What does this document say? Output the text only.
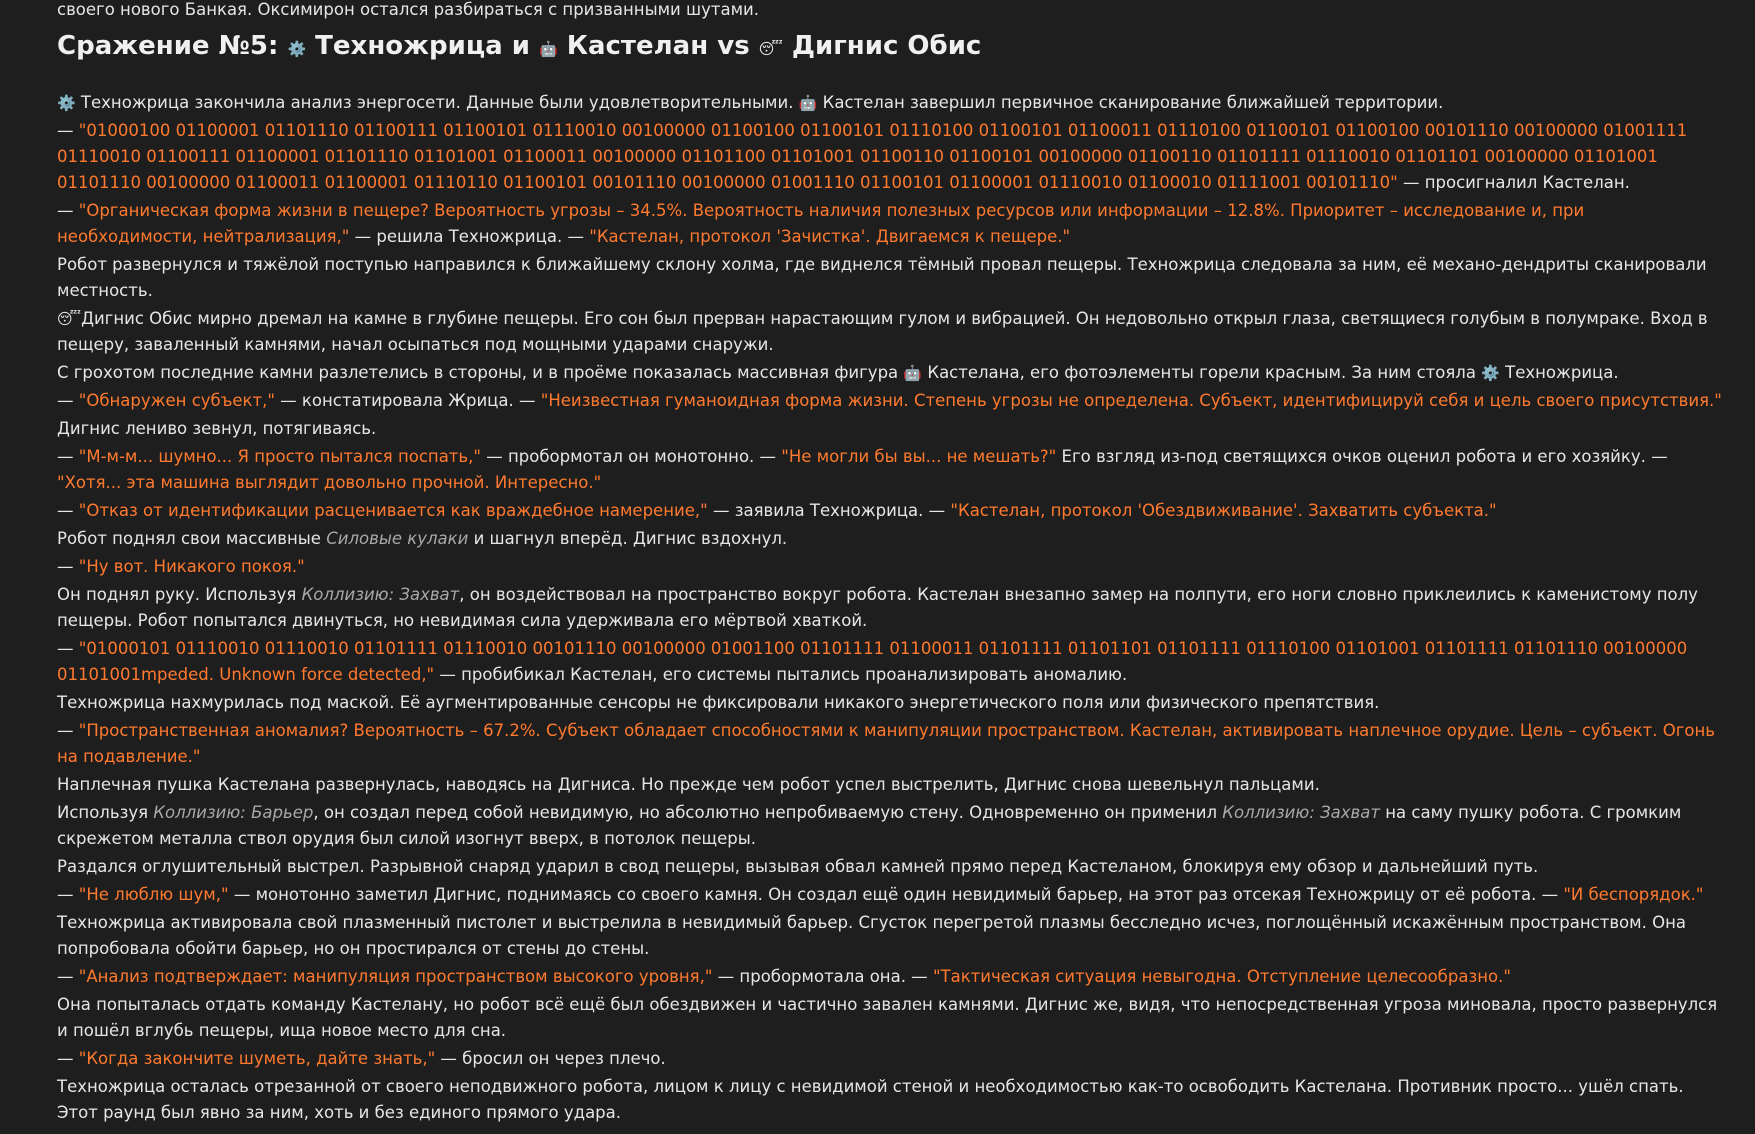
своего нового Банкая. Оксимирон остался разбираться с призванными шутами.
Сражение №5: ⚙️ Техножрица и 🤖 Кастелан vs 😴 Дигнис Обис
⚙️ Техножрица закончила анализ энергосети. Данные были удовлетворительными. 🤖 Кастелан завершил первичное сканирование ближайшей территории.
— "01000100 01100001 01101110 01100111 01100101 01110010 00100000 01100100 01100101 01110100 01100101 01100011 01110100 01100101 01100100 00101110 00100000 01001111 01110010 01100111 01100001 01101110 01101001 01100011 00100000 01101100 01101001 01100110 01100101 00100000 01100110 01101111 01110010 01101101 00100000 01101001 01101110 00100000 01100011 01100001 01110110 01100101 00101110 00100000 01001110 01100101 01100001 01110010 01100010 01111001 00101110" — просигналил Кастелан.
— "Органическая форма жизни в пещере? Вероятность угрозы – 34.5%. Вероятность наличия полезных ресурсов или информации – 12.8%. Приоритет – исследование и, при необходимости, нейтрализация," — решила Техножрица. — "Кастелан, протокол 'Зачистка'. Двигаемся к пещере."
Робот развернулся и тяжёлой поступью направился к ближайшему склону холма, где виднелся тёмный провал пещеры. Техножрица следовала за ним, её механо-дендриты сканировали местность.
😴Дигнис Обис мирно дремал на камне в глубине пещеры. Его сон был прерван нарастающим гулом и вибрацией. Он недовольно открыл глаза, светящиеся голубым в полумраке. Вход в пещеру, заваленный камнями, начал осыпаться под мощными ударами снаружи.
С грохотом последние камни разлетелись в стороны, и в проёме показалась массивная фигура 🤖 Кастелана, его фотоэлементы горели красным. За ним стояла ⚙️ Техножрица.
— "Обнаружен субъект," — констатировала Жрица. — "Неизвестная гуманоидная форма жизни. Степень угрозы не определена. Субъект, идентифицируй себя и цель своего присутствия."
Дигнис лениво зевнул, потягиваясь.
— "М-м-м... шумно... Я просто пытался поспать," — пробормотал он монотонно. — "Не могли бы вы... не мешать?" Его взгляд из-под светящихся очков оценил робота и его хозяйку. — "Хотя... эта машина выглядит довольно прочной. Интересно."
— "Отказ от идентификации расценивается как враждебное намерение," — заявила Техножрица. — "Кастелан, протокол 'Обездвиживание'. Захватить субъекта."
Робот поднял свои массивные Силовые кулаки и шагнул вперёд. Дигнис вздохнул.
— "Ну вот. Никакого покоя."
Он поднял руку. Используя Коллизию: Захват, он воздействовал на пространство вокруг робота. Кастелан внезапно замер на полпути, его ноги словно приклеились к каменистому полу пещеры. Робот попытался двинуться, но невидимая сила удерживала его мёртвой хваткой.
— "01000101 01110010 01110010 01101111 01110010 00101110 00100000 01001100 01101111 01100011 01101111 01101101 01101111 01110100 01101001 01101111 01101110 00100000 01101001mpeded. Unknown force detected," — пробибикал Кастелан, его системы пытались проанализировать аномалию.
Техножрица нахмурилась под маской. Её аугментированные сенсоры не фиксировали никакого энергетического поля или физического препятствия.
— "Пространственная аномалия? Вероятность – 67.2%. Субъект обладает способностями к манипуляции пространством. Кастелан, активировать наплечное орудие. Цель – субъект. Огонь на подавление."
Наплечная пушка Кастелана развернулась, наводясь на Дигниса. Но прежде чем робот успел выстрелить, Дигнис снова шевельнул пальцами.
Используя Коллизию: Барьер, он создал перед собой невидимую, но абсолютно непробиваемую стену. Одновременно он применил Коллизию: Захват на саму пушку робота. С громким скрежетом металла ствол орудия был силой изогнут вверх, в потолок пещеры.
Раздался оглушительный выстрел. Разрывной снаряд ударил в свод пещеры, вызывая обвал камней прямо перед Кастеланом, блокируя ему обзор и дальнейший путь.
— "Не люблю шум," — монотонно заметил Дигнис, поднимаясь со своего камня. Он создал ещё один невидимый барьер, на этот раз отсекая Техножрицу от её робота. — "И беспорядок."
Техножрица активировала свой плазменный пистолет и выстрелила в невидимый барьер. Сгусток перегретой плазмы бесследно исчез, поглощённый искажённым пространством. Она попробовала обойти барьер, но он простирался от стены до стены.
— "Анализ подтверждает: манипуляция пространством высокого уровня," — пробормотала она. — "Тактическая ситуация невыгодна. Отступление целесообразно."
Она попыталась отдать команду Кастелану, но робот всё ещё был обездвижен и частично завален камнями. Дигнис же, видя, что непосредственная угроза миновала, просто развернулся и пошёл вглубь пещеры, ища новое место для сна.
— "Когда закончите шуметь, дайте знать," — бросил он через плечо.
Техножрица осталась отрезанной от своего неподвижного робота, лицом к лицу с невидимой стеной и необходимостью как-то освободить Кастелана. Противник просто... ушёл спать. Этот раунд был явно за ним, хоть и без единого прямого удара.
